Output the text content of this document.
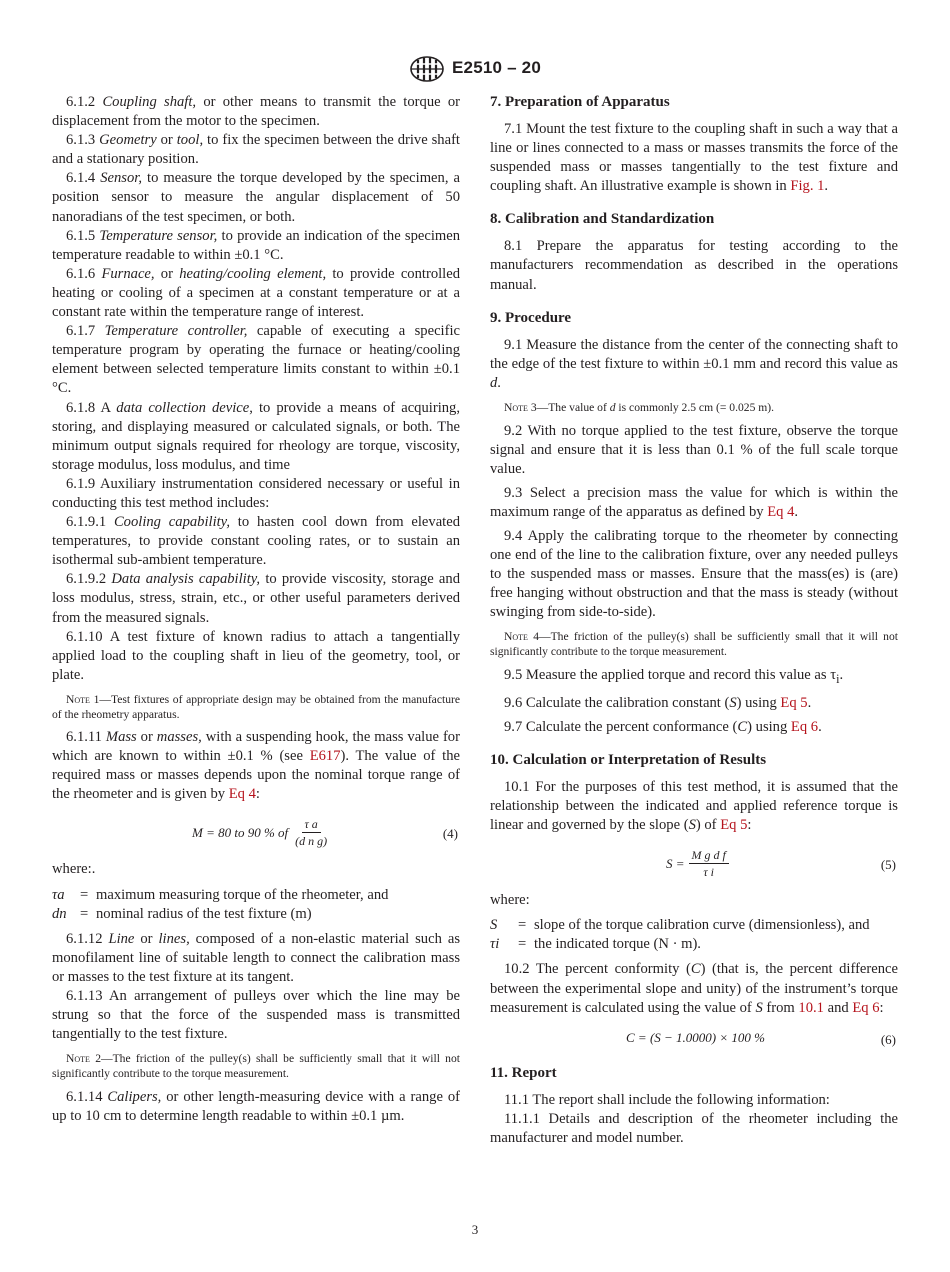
E2510 – 20

6.1.2 Coupling shaft, or other means to transmit the torque or displacement from the motor to the specimen.

6.1.3 Geometry or tool, to fix the specimen between the drive shaft and a stationary position.

6.1.4 Sensor, to measure the torque developed by the specimen, a position sensor to measure the angular displacement of 50 nanoradians of the test specimen, or both.

6.1.5 Temperature sensor, to provide an indication of the specimen temperature readable to within ±0.1 °C.

6.1.6 Furnace, or heating/cooling element, to provide controlled heating or cooling of a specimen at a constant temperature or at a constant rate within the temperature range of interest.

6.1.7 Temperature controller, capable of executing a specific temperature program by operating the furnace or heating/cooling element between selected temperature limits constant to within ±0.1 °C.

6.1.8 A data collection device, to provide a means of acquiring, storing, and displaying measured or calculated signals, or both. The minimum output signals required for rheology are torque, viscosity, storage modulus, loss modulus, and time

6.1.9 Auxiliary instrumentation considered necessary or useful in conducting this test method includes:

6.1.9.1 Cooling capability, to hasten cool down from elevated temperatures, to provide constant cooling rates, or to sustain an isothermal sub-ambient temperature.

6.1.9.2 Data analysis capability, to provide viscosity, storage and loss modulus, stress, strain, etc., or other useful parameters derived from the measured signals.

6.1.10 A test fixture of known radius to attach a tangentially applied load to the coupling shaft in lieu of the geometry, tool, or plate.

Note 1—Test fixtures of appropriate design may be obtained from the manufacture of the rheometry apparatus.

6.1.11 Mass or masses, with a suspending hook, the mass value for which are known to within ±0.1 % (see E617). The value of the required mass or masses depends upon the nominal torque range of the rheometer and is given by Eq 4:

M = 80 to 90 % of $\frac{\text{τ a}}{\text{(d n g)}}$	(4)

where:.

τa	= maximum measuring torque of the rheometer, and
dn = nominal radius of the test fixture (m)

6.1.12 Line or lines, composed of a non-elastic material such as monofilament line of suitable length to connect the calibration mass or masses to the test fixture at its tangent.

6.1.13 An arrangement of pulleys over which the line may be strung so that the force of the suspended mass is transmitted tangentially to the test fixture.

Note 2—The friction of the pulley(s) shall be sufficiently small that it will not significantly contribute to the torque measurement.

6.1.14 Calipers, or other length-measuring device with a range of up to 10 cm to determine length readable to within ±0.1 µm.

7. Preparation of Apparatus

7.1 Mount the test fixture to the coupling shaft in such a way that a line or lines connected to a mass or masses transmits the force of the suspended mass or masses tangentially to the test fixture and coupling shaft. An illustrative example is shown in Fig. 1.

8. Calibration and Standardization

8.1 Prepare the apparatus for testing according to the manufacturers recommendation as described in the operations manual.

9. Procedure

9.1 Measure the distance from the center of the connecting shaft to the edge of the test fixture to within ±0.1 mm and record this value as d.

Note 3—The value of d is commonly 2.5 cm (= 0.025 m).

9.2 With no torque applied to the test fixture, observe the torque signal and ensure that it is less than 0.1 % of the full scale torque value.

9.3 Select a precision mass the value for which is within the maximum range of the apparatus as defined by Eq 4.

9.4 Apply the calibrating torque to the rheometer by connecting one end of the line to the calibration fixture, over any needed pulleys to the suspended mass or masses. Ensure that the mass(es) is (are) free hanging without obstruction and that the mass is steady (without swinging from side-to-side).

Note 4—The friction of the pulley(s) shall be sufficiently small that it will not significantly contribute to the torque measurement.

9.5 Measure the applied torque and record this value as $\tau_i$.

9.6 Calculate the calibration constant (S) using Eq 5.

9.7 Calculate the percent conformance (C) using Eq 6.

10. Calculation or Interpretation of Results

10.1 For the purposes of this test method, it is assumed that the relationship between the indicated and applied reference torque is linear and governed by the slope (S) of Eq 5:

$S = \frac{\text{M g d f}}{\text{τ i}}$	(5)

where:

S	= slope of the torque calibration curve (dimensionless), and
τi	= the indicated torque (N · m).

10.2 The percent conformity (C) (that is, the percent difference between the experimental slope and unity) of the instrument’s torque measurement is calculated using the value of S from 10.1 and Eq 6:

C = (S − 1.0000) × 100 %	(6)
11. Report

11.1 The report shall include the following information:

11.1.1 Details and description of the rheometer including the manufacturer and model number.

3
